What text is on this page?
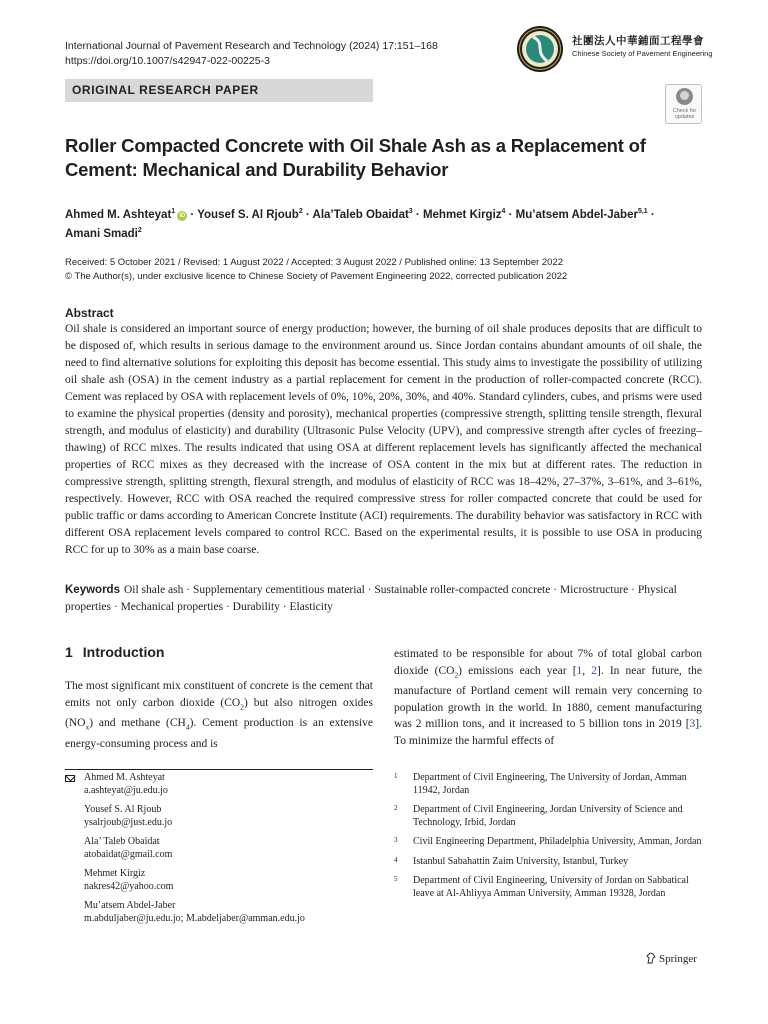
International Journal of Pavement Research and Technology (2024) 17:151–168
https://doi.org/10.1007/s42947-022-00225-3
社團法人中華鋪面工程學會
Chinese Society of Pavement Engineering
ORIGINAL RESEARCH PAPER
Check for
updates
Roller Compacted Concrete with Oil Shale Ash as a Replacement of Cement: Mechanical and Durability Behavior
Ahmed M. Ashteyat$^1$iD · Yousef S. Al Rjoub$^2$ · Ala’Taleb Obaidat$^3$ · Mehmet Kirgiz$^4$ · Mu’atsem Abdel-Jaber$^{5,1}$ ·
Amani Smadi$^2$
Received: 5 October 2021 / Revised: 1 August 2022 / Accepted: 3 August 2022 / Published online: 13 September 2022
© The Author(s), under exclusive licence to Chinese Society of Pavement Engineering 2022, corrected publication 2022
Abstract
Oil shale is considered an important source of energy production; however, the burning of oil shale produces deposits that are difficult to be disposed of, which results in serious damage to the environment around us. Since Jordan contains abundant amounts of oil shale, the need to find alternative solutions for exploiting this deposit has become essential. This study aims to investigate the possibility of utilizing oil shale ash (OSA) in the cement industry as a partial replacement for cement in the production of roller-compacted concrete (RCC). Cement was replaced by OSA with replacement levels of 0%, 10%, 20%, 30%, and 40%. Standard cylinders, cubes, and prisms were used to examine the physical properties (density and porosity), mechanical properties (compressive strength, splitting tensile strength, flexural strength, and modulus of elasticity) and durability (Ultrasonic Pulse Velocity (UPV), and compressive strength after cycles of freezing–thawing) of RCC mixes. The results indicated that using OSA at different replacement levels has significantly affected the mechanical properties of RCC mixes as they decreased with the increase of OSA content in the mix but at different rates. The reduction in compressive strength, splitting strength, flexural strength, and modulus of elasticity of RCC was 18–42%, 27–37%, 3–61%, and 3–61%, respectively. However, RCC with OSA reached the required compressive stress for roller compacted concrete that could be used for public traffic or dams according to American Concrete Institute (ACI) requirements. The durability behavior was satisfactory in RCC with different OSA replacement levels compared to control RCC. Based on the experimental results, it is possible to use OSA in producing RCC for up to 30% as a main base coarse.
Keywords Oil shale ash · Supplementary cementitious material · Sustainable roller-compacted concrete · Microstructure · Physical properties · Mechanical properties · Durability · Elasticity
1 Introduction
The most significant mix constituent of concrete is the cement that emits not only carbon dioxide $(CO_2)$ but also nitrogen oxides $(NO_x)$ and methane $(CH_4)$. Cement production is an extensive energy-consuming process and is
estimated to be responsible for about 7% of total global carbon dioxide $(CO_2)$ emissions each year [1, 2]. In near future, the manufacture of Portland cement will remain very concerning to population growth in the world. In 1880, cement manufacturing was 2 million tons, and it increased to 5 billion tons in 2019 [3]. To minimize the harmful effects of
Ahmed M. Ashteyat
a.ashteyat@ju.edu.jo
Yousef S. Al Rjoub
ysalrjoub@just.edu.jo
Ala’ Taleb Obaidat
atobaidat@gmail.com
Mehmet Kirgiz
nakres42@yahoo.com
Mu’atsem Abdel-Jaber
m.abduljaber@ju.edu.jo; M.abdeljaber@amman.edu.jo
1 Department of Civil Engineering, The University of Jordan, Amman 11942, Jordan
2 Department of Civil Engineering, Jordan University of Science and Technology, Irbid, Jordan
3 Civil Engineering Department, Philadelphia University, Amman, Jordan
4 Istanbul Sabahattin Zaim University, Istanbul, Turkey
5 Department of Civil Engineering, University of Jordan on Sabbatical leave at Al-Ahliyya Amman University, Amman 19328, Jordan
Springer
